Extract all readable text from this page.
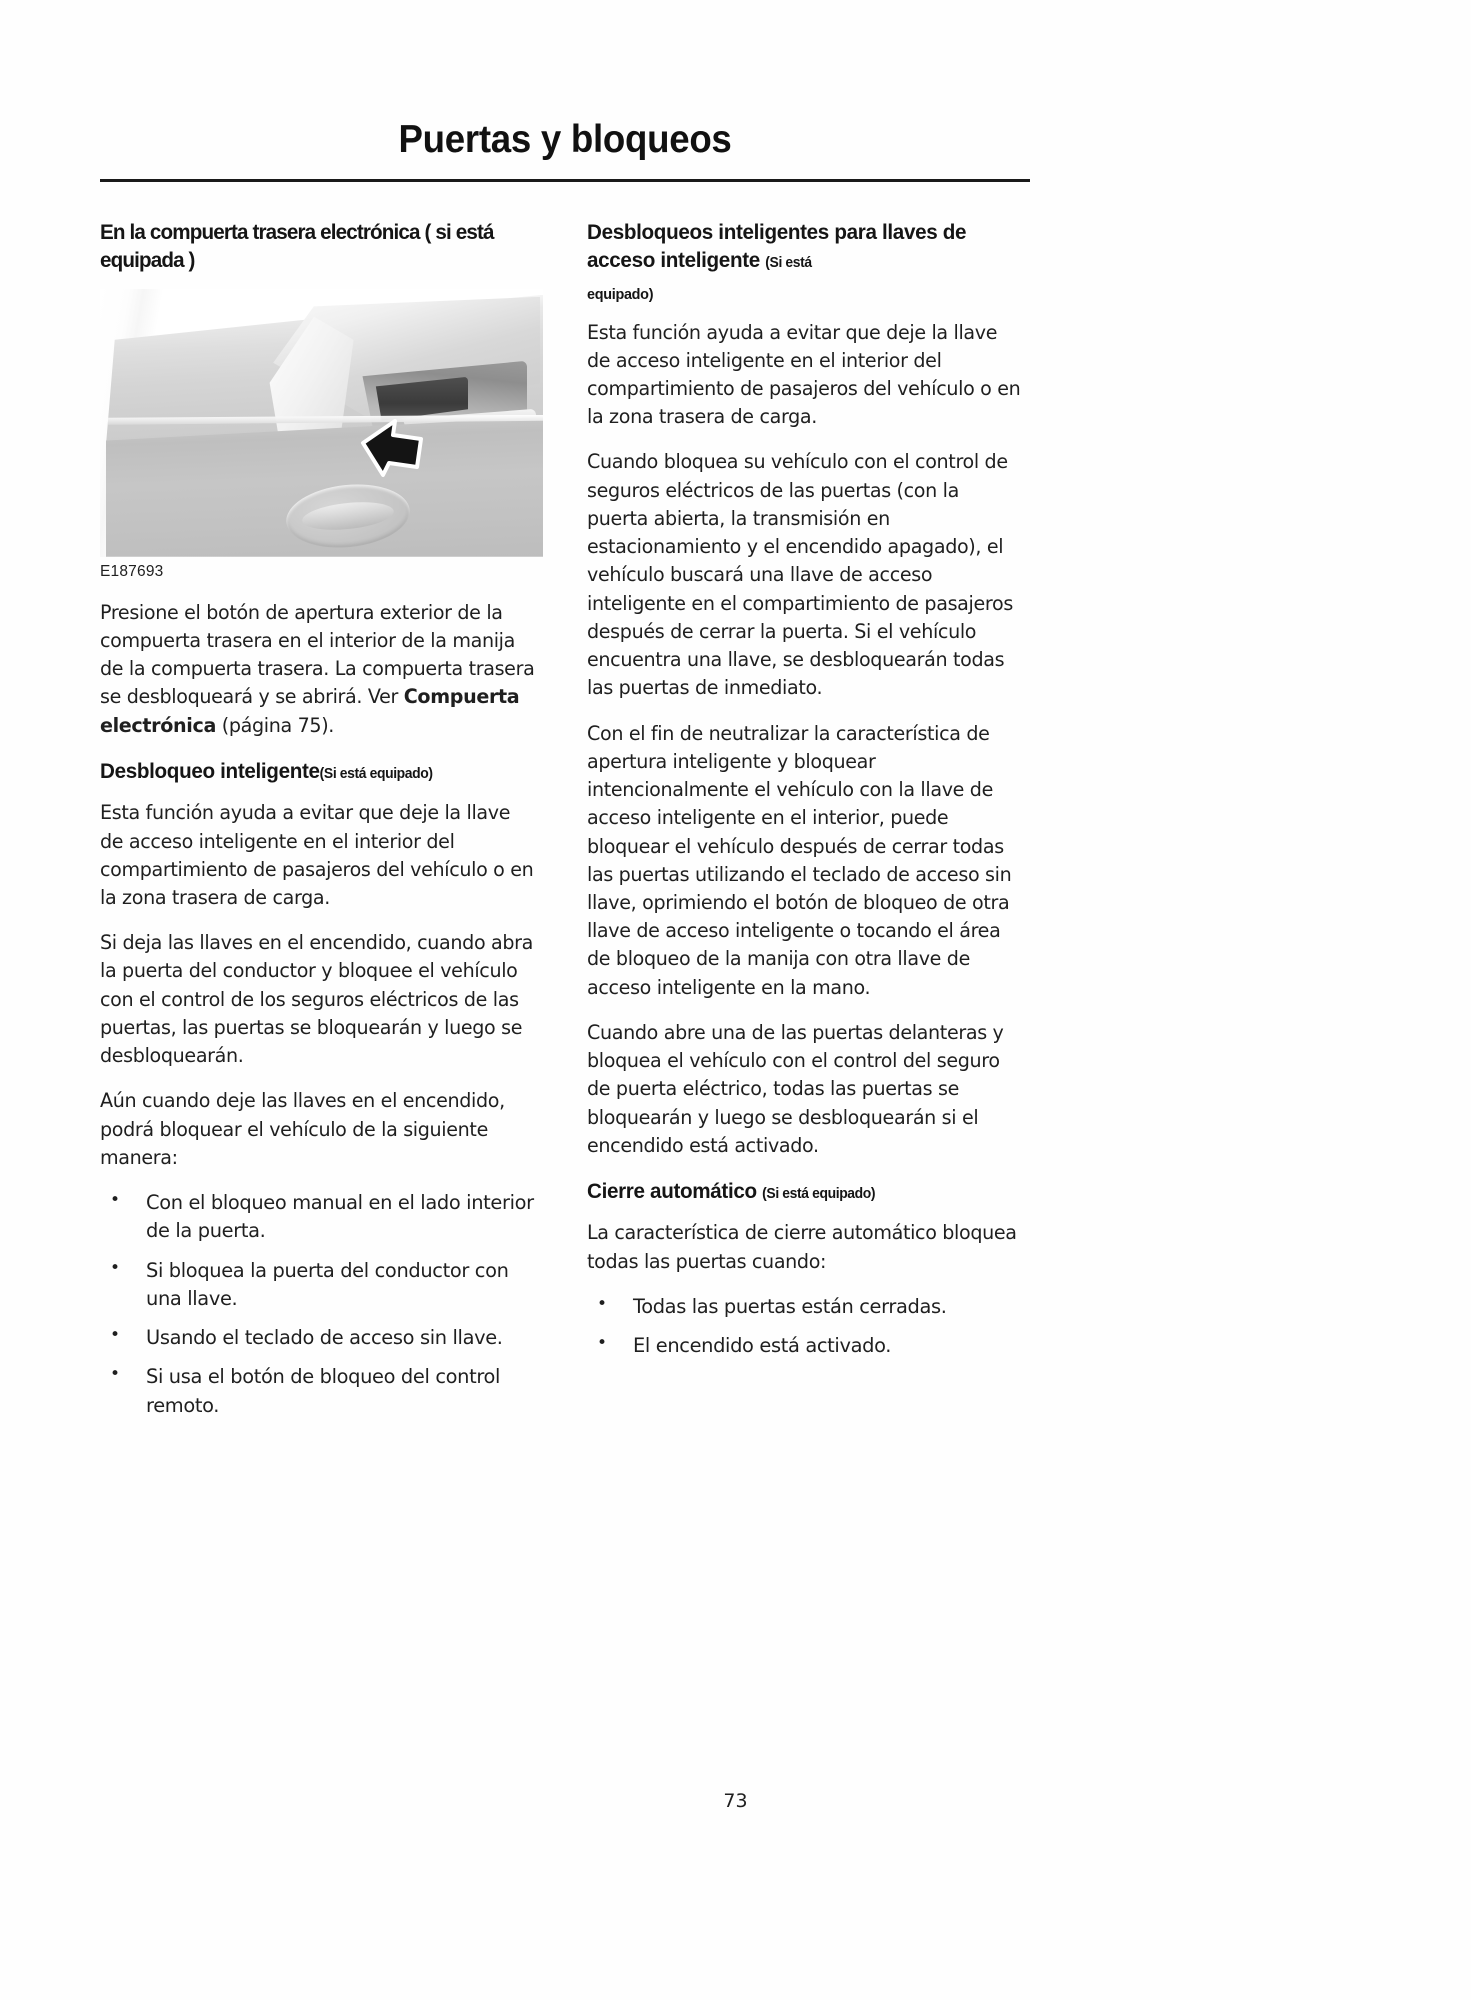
Puertas y bloqueos
En la compuerta trasera electrónica ( si está equipada )
E187693

Presione el botón de apertura exterior de la compuerta trasera en el interior de la manija de la compuerta trasera. La compuerta trasera se desbloqueará y se abrirá. Ver Compuerta electrónica (página 75).

Desbloqueo inteligente(Si está equipado)

Esta función ayuda a evitar que deje la llave de acceso inteligente en el interior del compartimiento de pasajeros del vehículo o en la zona trasera de carga.

Si deja las llaves en el encendido, cuando abra la puerta del conductor y bloquee el vehículo con el control de los seguros eléctricos de las puertas, las puertas se bloquearán y luego se desbloquearán.

Aún cuando deje las llaves en el encendido, podrá bloquear el vehículo de la siguiente manera:

• Con el bloqueo manual en el lado interior de la puerta.
• Si bloquea la puerta del conductor con una llave.
• Usando el teclado de acceso sin llave.
• Si usa el botón de bloqueo del control remoto.
Desbloqueos inteligentes para llaves de acceso inteligente (Si está
equipado)

Esta función ayuda a evitar que deje la llave de acceso inteligente en el interior del compartimiento de pasajeros del vehículo o en la zona trasera de carga.

Cuando bloquea su vehículo con el control de seguros eléctricos de las puertas (con la puerta abierta, la transmisión en estacionamiento y el encendido apagado), el vehículo buscará una llave de acceso inteligente en el compartimiento de pasajeros después de cerrar la puerta. Si el vehículo encuentra una llave, se desbloquearán todas las puertas de inmediato.

Con el fin de neutralizar la característica de apertura inteligente y bloquear intencionalmente el vehículo con la llave de acceso inteligente en el interior, puede bloquear el vehículo después de cerrar todas las puertas utilizando el teclado de acceso sin llave, oprimiendo el botón de bloqueo de otra llave de acceso inteligente o tocando el área de bloqueo de la manija con otra llave de acceso inteligente en la mano.

Cuando abre una de las puertas delanteras y bloquea el vehículo con el control del seguro de puerta eléctrico, todas las puertas se bloquearán y luego se desbloquearán si el encendido está activado.

Cierre automático (Si está equipado)

La característica de cierre automático bloquea todas las puertas cuando:

• Todas las puertas están cerradas.
• El encendido está activado.
73
